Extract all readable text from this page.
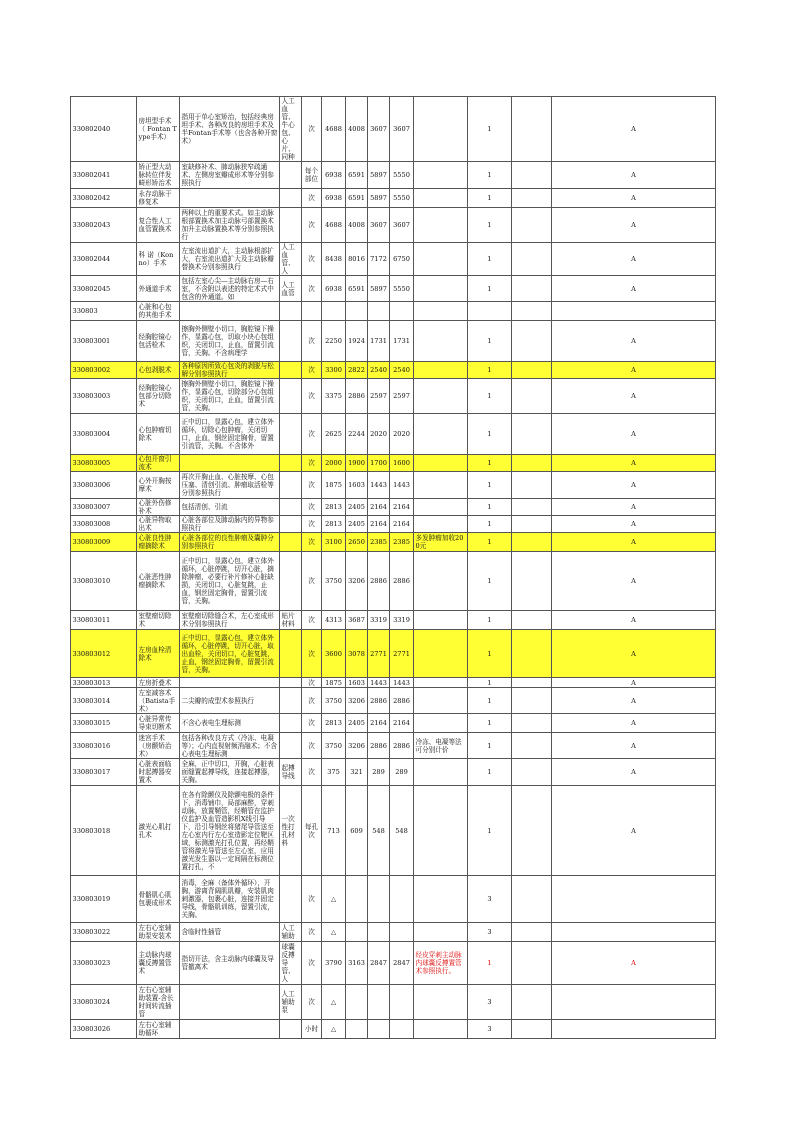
330802040	房坦型手术（ Fontan Type手术）	指用于单心室矫治，包括经典房坦手术、各种改良的房坦手术及半Fontan手术等（也含各种开窗术）	人工血管、牛心包、心片、同种	次	4688	4008	3607	3607		1		A
330802041	矫正型大动脉转位伴发畸形矫治术	室缺修补术、肺动脉狭窄疏通术、左侧房室瓣成形术等分别参照执行		每个部位	6938	6591	5897	5550		1		A
330802042	永存动脉干修复术			次	6938	6591	5897	5550		1		A
330802043	复合性人工血管置换术	两种以上的重要术式。如主动脉根部置换术加主动脉弓部置换术加升主动脉置换术等分别参照执行		次	4688	4008	3607	3607		1		A
330802044	科 诺（Konno）手术	左室流出道扩大，主动脉根部扩大，右室流出道扩大及主动脉瓣替换术分别参照执行	人工血管、人	次	8438	8016	7172	6750		1		A
330802045	外通道手术	包括左室心尖—主动脉右房—右室，不含附以表述的特定术式中包含的外通道。如	人工血管	次	6938	6591	5897	5550		1		A
330803	心脏和心包的其他手术											
330803001	经胸腔镜心包活检术	擦胸外侧壁小切口，胸腔镜下操作，显露心包，切取小块心包组织，关闭切口，止血，留置引流管，关胸。不含病理学		次	2250	1924	1731	1731		1		A
330803002	心包剥脱术	各种原因所致心包炎的剥脱与松解分别参照执行		次	3300	2822	2540	2540		1		A
330803003	经胸腔镜心包部分切除术	擦胸外侧壁小切口，胸腔镜下操作，显露心包，切除部分心包组织，关闭切口，止血，留置引流管，关胸。		次	3375	2886	2597	2597		1		A
330803004	心包肿瘤切除术	正中切口，显露心包，建立体外循环，切除心包肿瘤，关闭切口，止血，钢丝固定胸骨，留置引流管，关胸。不含体外		次	2625	2244	2020	2020		1		A
330803005	心包开窗引流术			次	2000	1900	1700	1600		1		A
330803006	心外开胸按摩术	再次开胸止血、心脏按摩、心包压塞、清创引流、肿瘤取活检等分别参照执行		次	1875	1603	1443	1443		1		A
330803007	心脏外伤修补术	包括清创、引流		次	2813	2405	2164	2164		1		A
330803008	心脏异物取出术	心脏各部位及肺动脉内的异物参照执行		次	2813	2405	2164	2164		1		A
330803009	心脏良性肿瘤摘除术	心脏各部位的良性肿瘤及囊肿分别参照执行		次	3100	2650	2385	2385	多发肿瘤加收200元	1		A
330803010	心脏恶性肿瘤摘除术	正中切口，显露心包，建立体外循环，心脏停跳，切开心脏，摘除肿瘤，必要行补片修补心脏缺损，关闭切口，心脏复跳，止血，钢丝固定胸骨，留置引流管，关胸。		次	3750	3206	2886	2886		1		A
330803011	室壁瘤切除术	室壁瘤切除缝合术，左心室成形术分别参照执行	贴片材料	次	4313	3687	3319	3319		1		A
330803012	左房血栓清除术	正中切口，显露心包，建立体外循环，心脏停跳，切开心脏，取出血栓，关闭切口，心脏复跳，止血，钢丝固定胸骨，留置引流管，关胸。		次	3600	3078	2771	2771		1		A
330803013	左房折叠术			次	1875	1603	1443	1443		1		A
330803014	左室减容术（Batista手术）	二尖瓣的成型术参照执行		次	3750	3206	2886	2886		1		A
330803015	心脏异常传导束切断术	不含心表电生理标测		次	2813	2405	2164	2164		1		A
330803016	迷宫手术（房颤矫治术）	包括各种改良方式（冷冻、电凝等）；心内直视射频消融术；不含心表电生理标测		次	3750	3206	2886	2886	冷冻、电凝等法可分别计价	1		A
330803017	心脏表面临时起搏器安置术	全麻，正中切口，开胸，心脏表面缝置起搏导线，连接起搏器，关胸。	起搏导线	次	375	321	289	289		1		A
330803018	激光心肌打孔术	在各有除颤仪及除颤电极的条件下，消毒铺巾，局部麻醉，穿刺动脉，放置鞘管，经鞘管在监护仪监护及血管造影机X线引导下，沿引导钢丝将猪尾导管送至左心室内行左心室造影定位靶区域，标测激光打孔位置，再经鞘管将激光导管送至左心室，应用激光发生器以一定间隔在标测位置打孔，不	一次性打孔材料	每孔次	713	609	548	548		1		A
330803019	骨骼肌心肌包裹成形术	消毒，全麻（备体外循环），开胸，游离背阔肌肌瓣，安装肌肉刺激器，包裹心脏，连接并固定导线，骨骼肌训练，留置引流，关胸。		次	△					3		
330803022	左右心室辅助泵安装术	含临时性插管	人工辅助	次	△					3		
330803023	主动脉内球囊反搏置管术	指切开法，含主动脉内球囊及导管撤离术	球囊反搏导管、人	次	3790	3163	2847	2847	经皮穿刺主动脉内球囊反搏置管术参照执行。	1		A
330803024	左右心室辅助装置-含长时间转流插管		人工辅助泵	次	△					3		
330803026	左右心室辅助循环			小时	△					3		
